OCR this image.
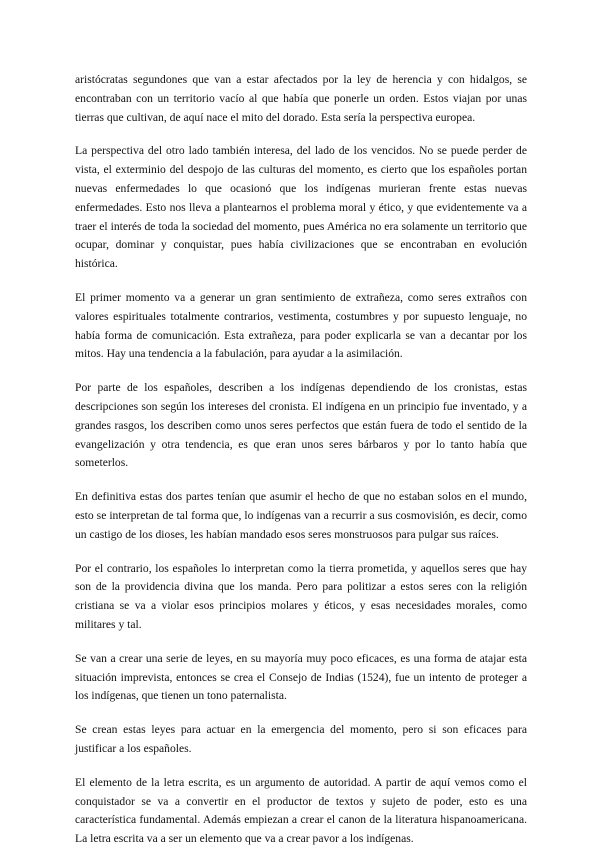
aristócratas segundones que van a estar afectados por la ley de herencia y con hidalgos, se encontraban con un territorio vacío al que había que ponerle un orden. Estos viajan por unas tierras que cultivan, de aquí nace el mito del dorado. Esta sería la perspectiva europea.

La perspectiva del otro lado también interesa, del lado de los vencidos. No se puede perder de vista, el exterminio del despojo de las culturas del momento, es cierto que los españoles portan nuevas enfermedades lo que ocasionó que los indígenas murieran frente estas nuevas enfermedades. Esto nos lleva a plantearnos el problema moral y ético, y que evidentemente va a traer el interés de toda la sociedad del momento, pues América no era solamente un territorio que ocupar, dominar y conquistar, pues había civilizaciones que se encontraban en evolución histórica.

El primer momento va a generar un gran sentimiento de extrañeza, como seres extraños con valores espirituales totalmente contrarios, vestimenta, costumbres y por supuesto lenguaje, no había forma de comunicación. Esta extrañeza, para poder explicarla se van a decantar por los mitos. Hay una tendencia a la fabulación, para ayudar a la asimilación.

Por parte de los españoles, describen a los indígenas dependiendo de los cronistas, estas descripciones son según los intereses del cronista. El indígena en un principio fue inventado, y a grandes rasgos, los describen como unos seres perfectos que están fuera de todo el sentido de la evangelización y otra tendencia, es que eran unos seres bárbaros y por lo tanto había que someterlos.

En definitiva estas dos partes tenían que asumir el hecho de que no estaban solos en el mundo, esto se interpretan de tal forma que, lo indígenas van a recurrir a sus cosmovisión, es decir, como un castigo de los dioses, les habían mandado esos seres monstruosos para pulgar sus raíces.

Por el contrario, los españoles lo interpretan como la tierra prometida, y aquellos seres que hay son de la providencia divina que los manda. Pero para politizar a estos seres con la religión cristiana se va a violar esos principios molares y éticos, y esas necesidades morales, como militares y tal.

Se van a crear una serie de leyes, en su mayoría muy poco eficaces, es una forma de atajar esta situación imprevista, entonces se crea el Consejo de Indias (1524), fue un intento de proteger a los indígenas, que tienen un tono paternalista.

Se crean estas leyes para actuar en la emergencia del momento, pero si son eficaces para justificar a los españoles.

El elemento de la letra escrita, es un argumento de autoridad. A partir de aquí vemos como el conquistador se va a convertir en el productor de textos y sujeto de poder, esto es una característica fundamental. Además empiezan a crear el canon de la literatura hispanoamericana. La letra escrita va a ser un elemento que va a crear pavor a los indígenas.
